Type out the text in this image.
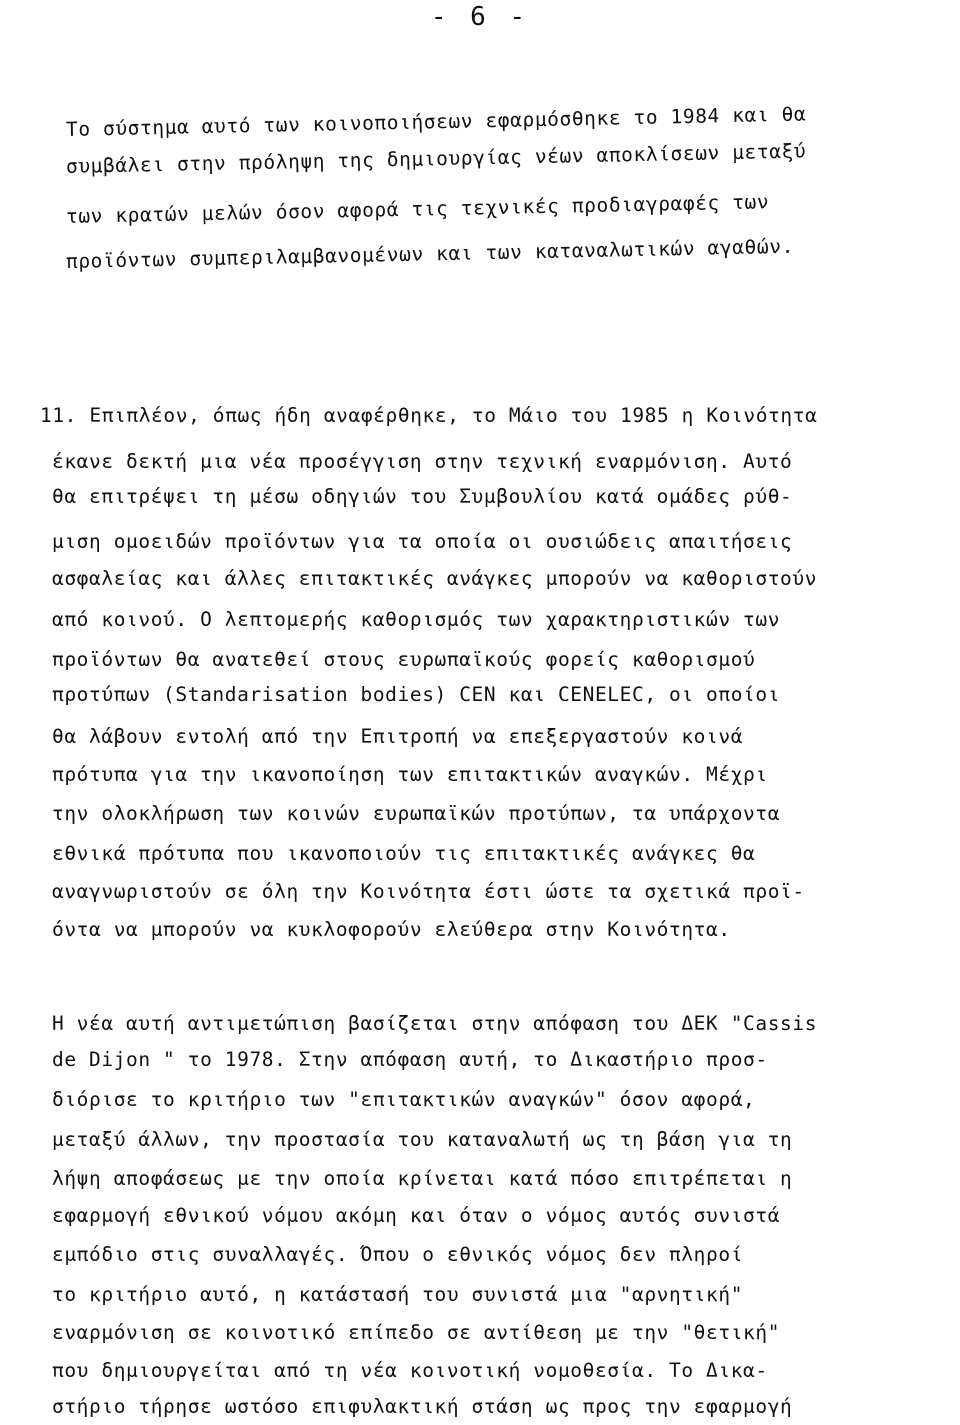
- 6 -
Το σύστημα αυτό των κοινοποιήσεων εφαρμόσθηκε το 1984 και θα
συμβάλει στην πρόληψη της δημιουργίας νέων αποκλίσεων μεταξύ
των κρατών μελών όσον αφορά τις τεχνικές προδιαγραφές των
προϊόντων συμπεριλαμβανομένων και των καταναλωτικών αγαθών.
11. Επιπλέον, όπως ήδη αναφέρθηκε, το Μάιο του 1985 η Κοινότητα
έκανε δεκτή μια νέα προσέγγιση στην τεχνική εναρμόνιση. Αυτό
θα επιτρέψει τη μέσω οδηγιών του Συμβουλίου κατά ομάδες ρύθ-
μιση ομοειδών προϊόντων για τα οποία οι ουσιώδεις απαιτήσεις
ασφαλείας και άλλες επιτακτικές ανάγκες μπορούν να καθοριστούν
από κοινού. Ο λεπτομερής καθορισμός των χαρακτηριστικών των
προϊόντων θα ανατεθεί στους ευρωπαϊκούς φορείς καθορισμού
προτύπων (Standarisation bodies) CEN και CENELEC, οι οποίοι
θα λάβουν εντολή από την Επιτροπή να επεξεργαστούν κοινά
πρότυπα για την ικανοποίηση των επιτακτικών αναγκών. Μέχρι
την ολοκλήρωση των κοινών ευρωπαϊκών προτύπων, τα υπάρχοντα
εθνικά πρότυπα που ικανοποιούν τις επιτακτικές ανάγκες θα
αναγνωριστούν σε όλη την Κοινότητα έστι ώστε τα σχετικά προϊ-
όντα να μπορούν να κυκλοφορούν ελεύθερα στην Κοινότητα.
Η νέα αυτή αντιμετώπιση βασίζεται στην απόφαση του ΔΕΚ "Cassis
de Dijon " το 1978. Στην απόφαση αυτή, το Δικαστήριο προσ-
διόρισε το κριτήριο των "επιτακτικών αναγκών" όσον αφορά,
μεταξύ άλλων, την προστασία του καταναλωτή ως τη βάση για τη
λήψη αποφάσεως με την οποία κρίνεται κατά πόσο επιτρέπεται η
εφαρμογή εθνικού νόμου ακόμη και όταν ο νόμος αυτός συνιστά
εμπόδιο στις συναλλαγές. Όπου ο εθνικός νόμος δεν πληροί
το κριτήριο αυτό, η κατάστασή του συνιστά μια "αρνητική"
εναρμόνιση σε κοινοτικό επίπεδο σε αντίθεση με την "θετική"
που δημιουργείται από τη νέα κοινοτική νομοθεσία. Το Δικα-
στήριο τήρησε ωστόσο επιφυλακτική στάση ως προς την εφαρμογή
